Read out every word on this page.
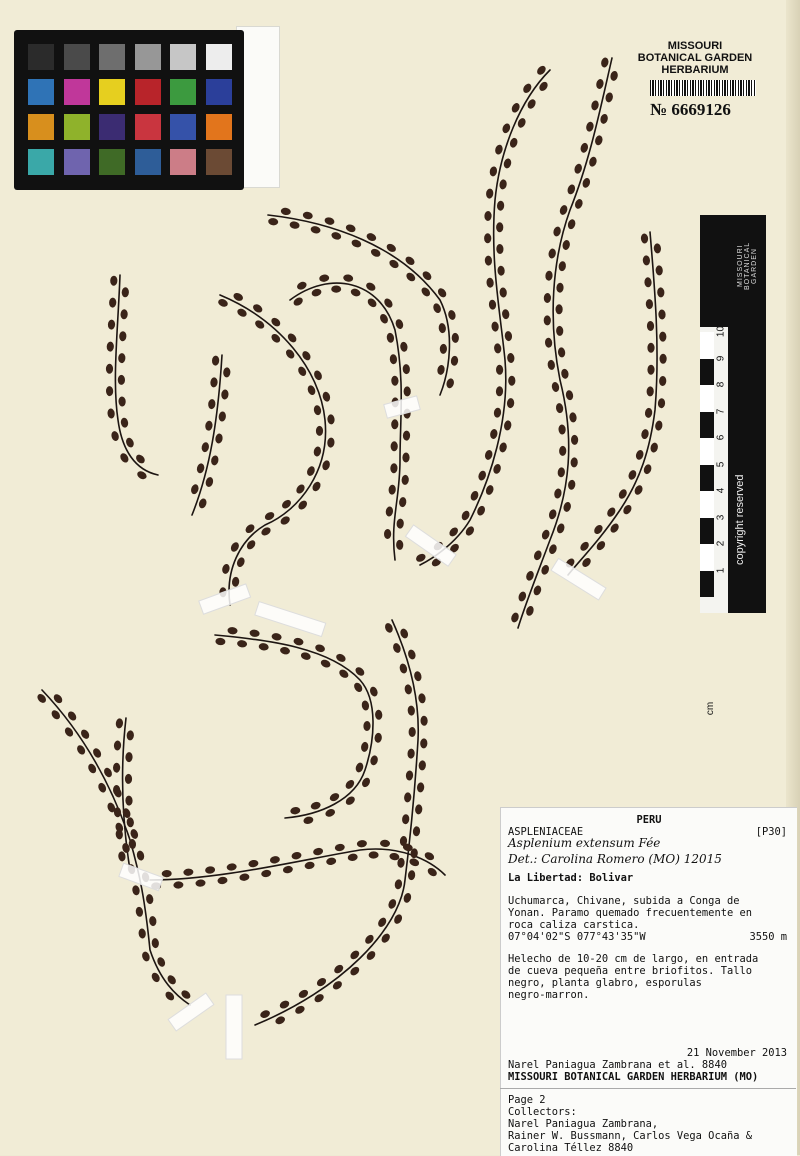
MISSOURI
BOTANICAL GARDEN
HERBARIUM
№ 6669126
MISSOURI BOTANICAL GARDEN
cm
1
2
3
4
5
6
7
8
9
10
copyright reserved
PERU
ASPLENIACEAE	[P30]
Asplenium extensum Fée
Det.: Carolina Romero (MO) 12015
La Libertad: Bolivar
Uchumarca, Chivane, subida a Conga de
Yonan. Paramo quemado frecuentemente en
roca caliza carstica.
07°04'02"S 077°43'35"W	3550 m
Helecho de 10-20 cm de largo, en entrada
de cueva pequeña entre briofitos. Tallo
negro, planta glabro, esporulas
negro-marron.
21 November 2013
Narel Paniagua Zambrana et al. 8840
MISSOURI BOTANICAL GARDEN HERBARIUM (MO)
Page 2
Collectors:
Narel Paniagua Zambrana,
Rainer W. Bussmann, Carlos Vega Ocaña &
Carolina Téllez 8840
